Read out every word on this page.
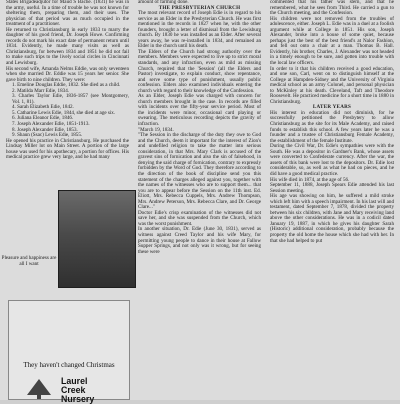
States Brigadeadjutor for Maud S Bache. (1831) he was in the army, useful. In a time of trouble he was not known for sheltering them, preparing them, and their uses. The physician of that period was as much occupied in the treatment of a practitioner.

He returned to Christiansburg in early 1833 to marry the daughter of his good friend, Dr. Joseph Howe. Confirming records do not mark his exact date of permanent return until 1834. Evidently, he made many visits as well as Christiansburg, for between 1834 and 1851 he did not fail to make such trips to the lively social circles in Cincinnati and Lewisburg.

His second wife, Amanda Nelms Eddie, was only seventeen when she married Dr. Eddie was 15 years her senior. She gave birth to nine children. They were:

1. Emeline Douglas Eddie, 1832. She died as a child.
2. Matilda Marr Edie, 1834.
3. Charles Taylor Edie, 1836-1857 (see Montgomery, Vol. 1, 81).
4. Sarah Elizabeth Edie, 1842.
5. Catharine Lewis Edie, 1844, she died at age six.
6. Juliana Eleanor Edie, 1846.
7. Joseph Alexander Edie, 1851-1913.
8. Joseph Alexander Edie, 1853.
9. Shaun (Ssac) Lewis Edie, 1855.

He opened his practice in Christiansburg. He purchased the Lindsay Miller lot on Main Street. A portion of the large house was used for his apothecary, a portion for offices. His medical practice grew very large, and he had many

Pleasure and happiness are all I want
They haven't changed Christmas
Laurel
Creek
Nursery

amount of farming done.

THE PRESBYTERIAN CHURCH

The most relevant record of Joseph Edie is in regard to his service as an Elder in the Presbyterian Church. He was first mentioned in the records in 1827 when he, with the other founders, brought a letter of dismissal from the Lewisburg church. By 1830 he was installed as an Elder. After several years away, he was re-installed in 1834, and remained an Elder in the church until his death.

The Elders of the Church had strong authority over the members. Members were expected to live up to strict moral standards, and any infraction, even as mild as missing Church, required that the 'Session' (all the Elders and Pastor) investigate, to explain conduct, show repentance, and serve some type of punishment, usually public confession. Elders also examined individuals entering the church with regard to their knowledge of the Confession.

As an Elder, Joseph Edie was charged with concern for church members brought in the case. In records are filled with incidents over the fifty-year service period. Most of the incidents were minor, occasional card playing or swearing. The meticulous recording depicts the gravity of infraction.

"March 19, 1834.

"The Session in the discharge of the duty they owe to God and the Church, deem it important for the interest of Zion's and undefiled religion to take the matter into serious consideration, in that Mrs. Mary Clark is accused of the gravest sins of fornication and also the sin of falsehood, in denying the said charge of fornication, contrary to expressly forbidden by the Word of God. They therefore according to the direction of the book of discipline send you this statement of the charges alleged against you, together with the names of the witnesses who are to support them... that you are to appear before the Session on the 11th inst. Ed. Eliott, Mrs. Rebecca Cuppels, Mrs. Andrew Thompson, Mrs. Andrew Peterson, Mrs. Rebecca Clare, and Dr. George Clare..."

Doctor Edie's crisp examination of the witnesses did not save her, and she was suspended from the Church, which was the worst punishment.

In another situation, Dr. Edie (June 30, 1831), served as witness against Creed Taylor and his wife Mary, for permitting young people to dance in their house at Fallow Supper Springs, and not only was it wrong, but for seeing these were

commented that his father was stern, and that he remembered, what he sees from Third. He carried a gun to the Church meeting, and the Confession.

His children were not removed from the troubles of adolescence, either. Joseph L. Edie was in a duel at a foolish argument while at College in 1851. His son, Joseph Alexander, broke into a house of some quiet, because perhaps just the best of the best friend's at Nalor Fashion, and fell out onto a chair at a man. Thomas B. Hall. Evidently, his brother, Charles, J. Alexander was not headed in a timely enough to be sure, and gotten into trouble with the local law officers.

In order to it that his children received a good education, and one son, Carl, went on to distinguish himself at the College at Hampden-Sidney and the University of Virginia medical school as an army Colonel, and personal physician to McKinley at his death. Cleveland, Taft and Theodore Roosevelt. He practiced medicine for a short time in 1880 in Christiansburg.

LATER YEARS

His interest in education did not diminish, for he successfully petitioned the Presbytery to allow Christiansburg as the site for its Male Academy, and raised funds to establish this school. A few years later he was a founder and a trustee of Christiansburg Female Academy, the establishment of the female Institute.

During the Civil War, Dr. Edie's sympathies were with the South. He was a depositor in Gardner's Bank, whose assets were converted to Confederate currency. After the war, the assets of this bank were lost to the depositors. Dr. Edie lost considerable, so, as well as what he had on pieces, and he did have a good medical practice.

His wife died in 1874, at the age of 56.

September 11, 1888, Joseph Spears Edie attended his last Session meeting.

His age was showing on him, he suffered a mild stroke which left him with a speech impairment. In his last will and testament, dated September 7, 1878, divided the property between his six children, with Jane and Mary receiving land above the other considerations. He was in a codicil dated January 19, 1887, in which he gives his daughter Sarah (Historic) additional consideration, probably because the property the old home the house which she had with her. In that she had helped to put
